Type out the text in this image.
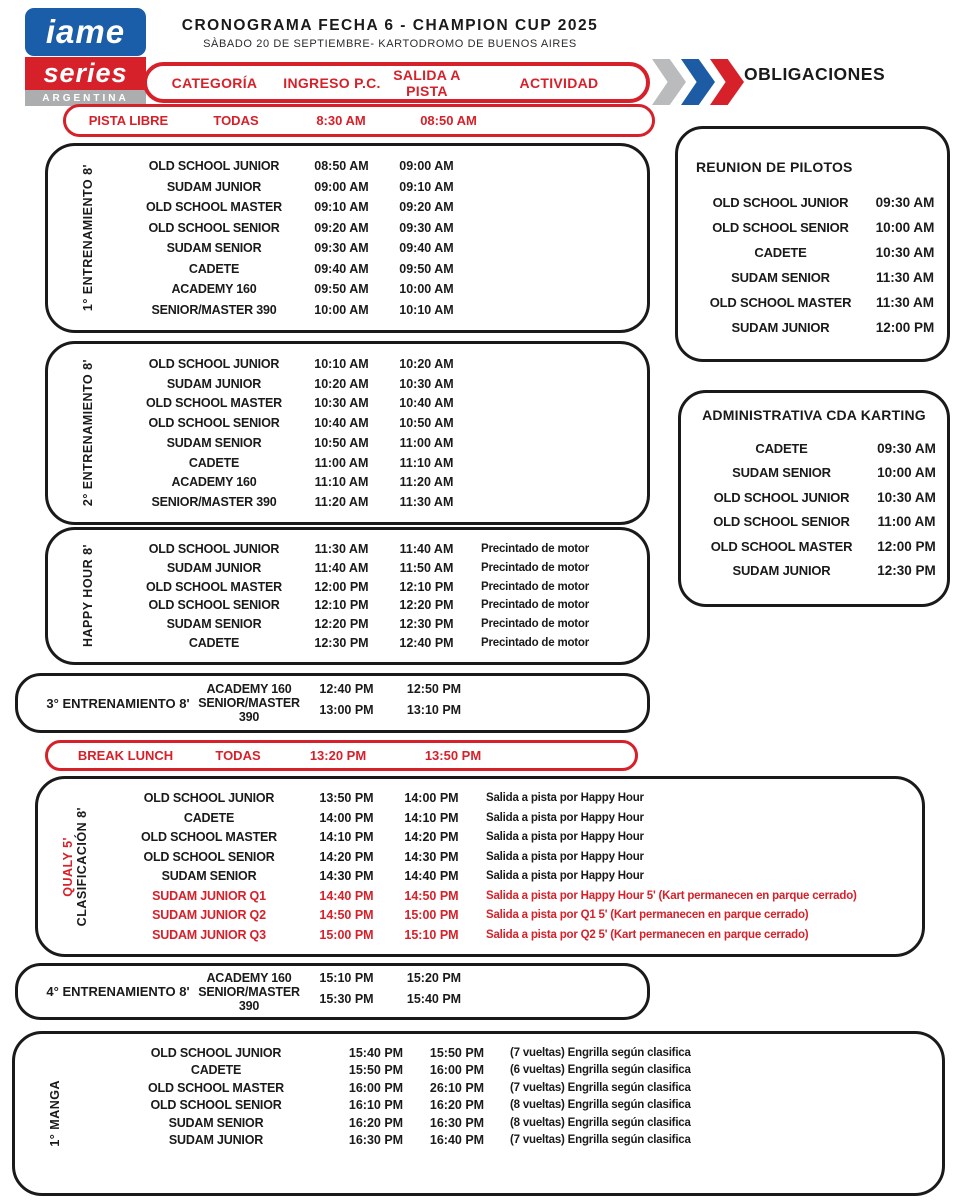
iame
series
ARGENTINA
CRONOGRAMA FECHA 6 - CHAMPION CUP 2025
SÀBADO 20 DE SEPTIEMBRE- KARTODROMO DE BUENOS AIRES
CATEGORÍA	INGRESO P.C. SALIDA A PISTA	ACTIVIDAD	OBLIGACIONES
PISTA LIBRE	TODAS	8:30 AM	08:50 AM
1° ENTRENAMIENTO 8'	OLD SCHOOL JUNIOR	08:50 AM	09:00 AM
SUDAM JUNIOR	09:00 AM	09:10 AM
OLD SCHOOL MASTER	09:10 AM	09:20 AM
OLD SCHOOL SENIOR	09:20 AM	09:30 AM
SUDAM SENIOR	09:30 AM	09:40 AM
CADETE	09:40 AM	09:50 AM
ACADEMY 160	09:50 AM	10:00 AM
SENIOR/MASTER 390	10:00 AM	10:10 AM
2° ENTRENAMIENTO 8'	OLD SCHOOL JUNIOR	10:10 AM	10:20 AM
SUDAM JUNIOR	10:20 AM	10:30 AM
OLD SCHOOL MASTER	10:30 AM	10:40 AM
OLD SCHOOL SENIOR	10:40 AM	10:50 AM
SUDAM SENIOR	10:50 AM	11:00 AM
CADETE	11:00 AM	11:10 AM
ACADEMY 160	11:10 AM	11:20 AM
SENIOR/MASTER 390	11:20 AM	11:30 AM
HAPPY HOUR 8'	OLD SCHOOL JUNIOR	11:30 AM	11:40 AM	Precintado de motor
SUDAM JUNIOR	11:40 AM	11:50 AM	Precintado de motor
OLD SCHOOL MASTER	12:00 PM	12:10 PM	Precintado de motor
OLD SCHOOL SENIOR	12:10 PM	12:20 PM	Precintado de motor
SUDAM SENIOR	12:20 PM	12:30 PM	Precintado de motor
CADETE	12:30 PM	12:40 PM	Precintado de motor
3° ENTRENAMIENTO 8'
ACADEMY 160	12:40 PM	12:50 PM
SENIOR/MASTER 390	13:00 PM	13:10 PM
BREAK LUNCH	TODAS	13:20 PM	13:50 PM
QUALY 5' CLASIFICACIÓN 8'
OLD SCHOOL JUNIOR	13:50 PM	14:00 PM	Salida a pista por Happy Hour
CADETE	14:00 PM	14:10 PM	Salida a pista por Happy Hour
OLD SCHOOL MASTER	14:10 PM	14:20 PM	Salida a pista por Happy Hour
OLD SCHOOL SENIOR	14:20 PM	14:30 PM	Salida a pista por Happy Hour
SUDAM SENIOR	14:30 PM	14:40 PM	Salida a pista por Happy Hour
SUDAM JUNIOR Q1	14:40 PM	14:50 PM	Salida a pista por Happy Hour 5' (Kart permanecen en parque cerrado)
SUDAM JUNIOR Q2	14:50 PM	15:00 PM	Salida a pista por Q1 5' (Kart permanecen en parque cerrado)
SUDAM JUNIOR Q3	15:00 PM	15:10 PM	Salida a pista por Q2 5' (Kart permanecen en parque cerrado)
4° ENTRENAMIENTO 8'
ACADEMY 160	15:10 PM	15:20 PM
SENIOR/MASTER 390	15:30 PM	15:40 PM
1° MANGA
OLD SCHOOL JUNIOR	15:40 PM	15:50 PM	(7 vueltas) Engrilla según clasifica
CADETE	15:50 PM	16:00 PM	(6 vueltas) Engrilla según clasifica
OLD SCHOOL MASTER	16:00 PM	26:10 PM	(7 vueltas) Engrilla según clasifica
OLD SCHOOL SENIOR	16:10 PM	16:20 PM	(8 vueltas) Engrilla según clasifica
SUDAM SENIOR	16:20 PM	16:30 PM	(8 vueltas) Engrilla según clasifica
SUDAM JUNIOR	16:30 PM	16:40 PM	(7 vueltas) Engrilla según clasifica
REUNION DE PILOTOS
OLD SCHOOL JUNIOR	09:30 AM
OLD SCHOOL SENIOR	10:00 AM
CADETE	10:30 AM
SUDAM SENIOR	11:30 AM
OLD SCHOOL MASTER	11:30 AM
SUDAM JUNIOR	12:00 PM
ADMINISTRATIVA CDA KARTING
CADETE	09:30 AM
SUDAM SENIOR	10:00 AM
OLD SCHOOL JUNIOR	10:30 AM
OLD SCHOOL SENIOR	11:00 AM
OLD SCHOOL MASTER	12:00 PM
SUDAM JUNIOR	12:30 PM
